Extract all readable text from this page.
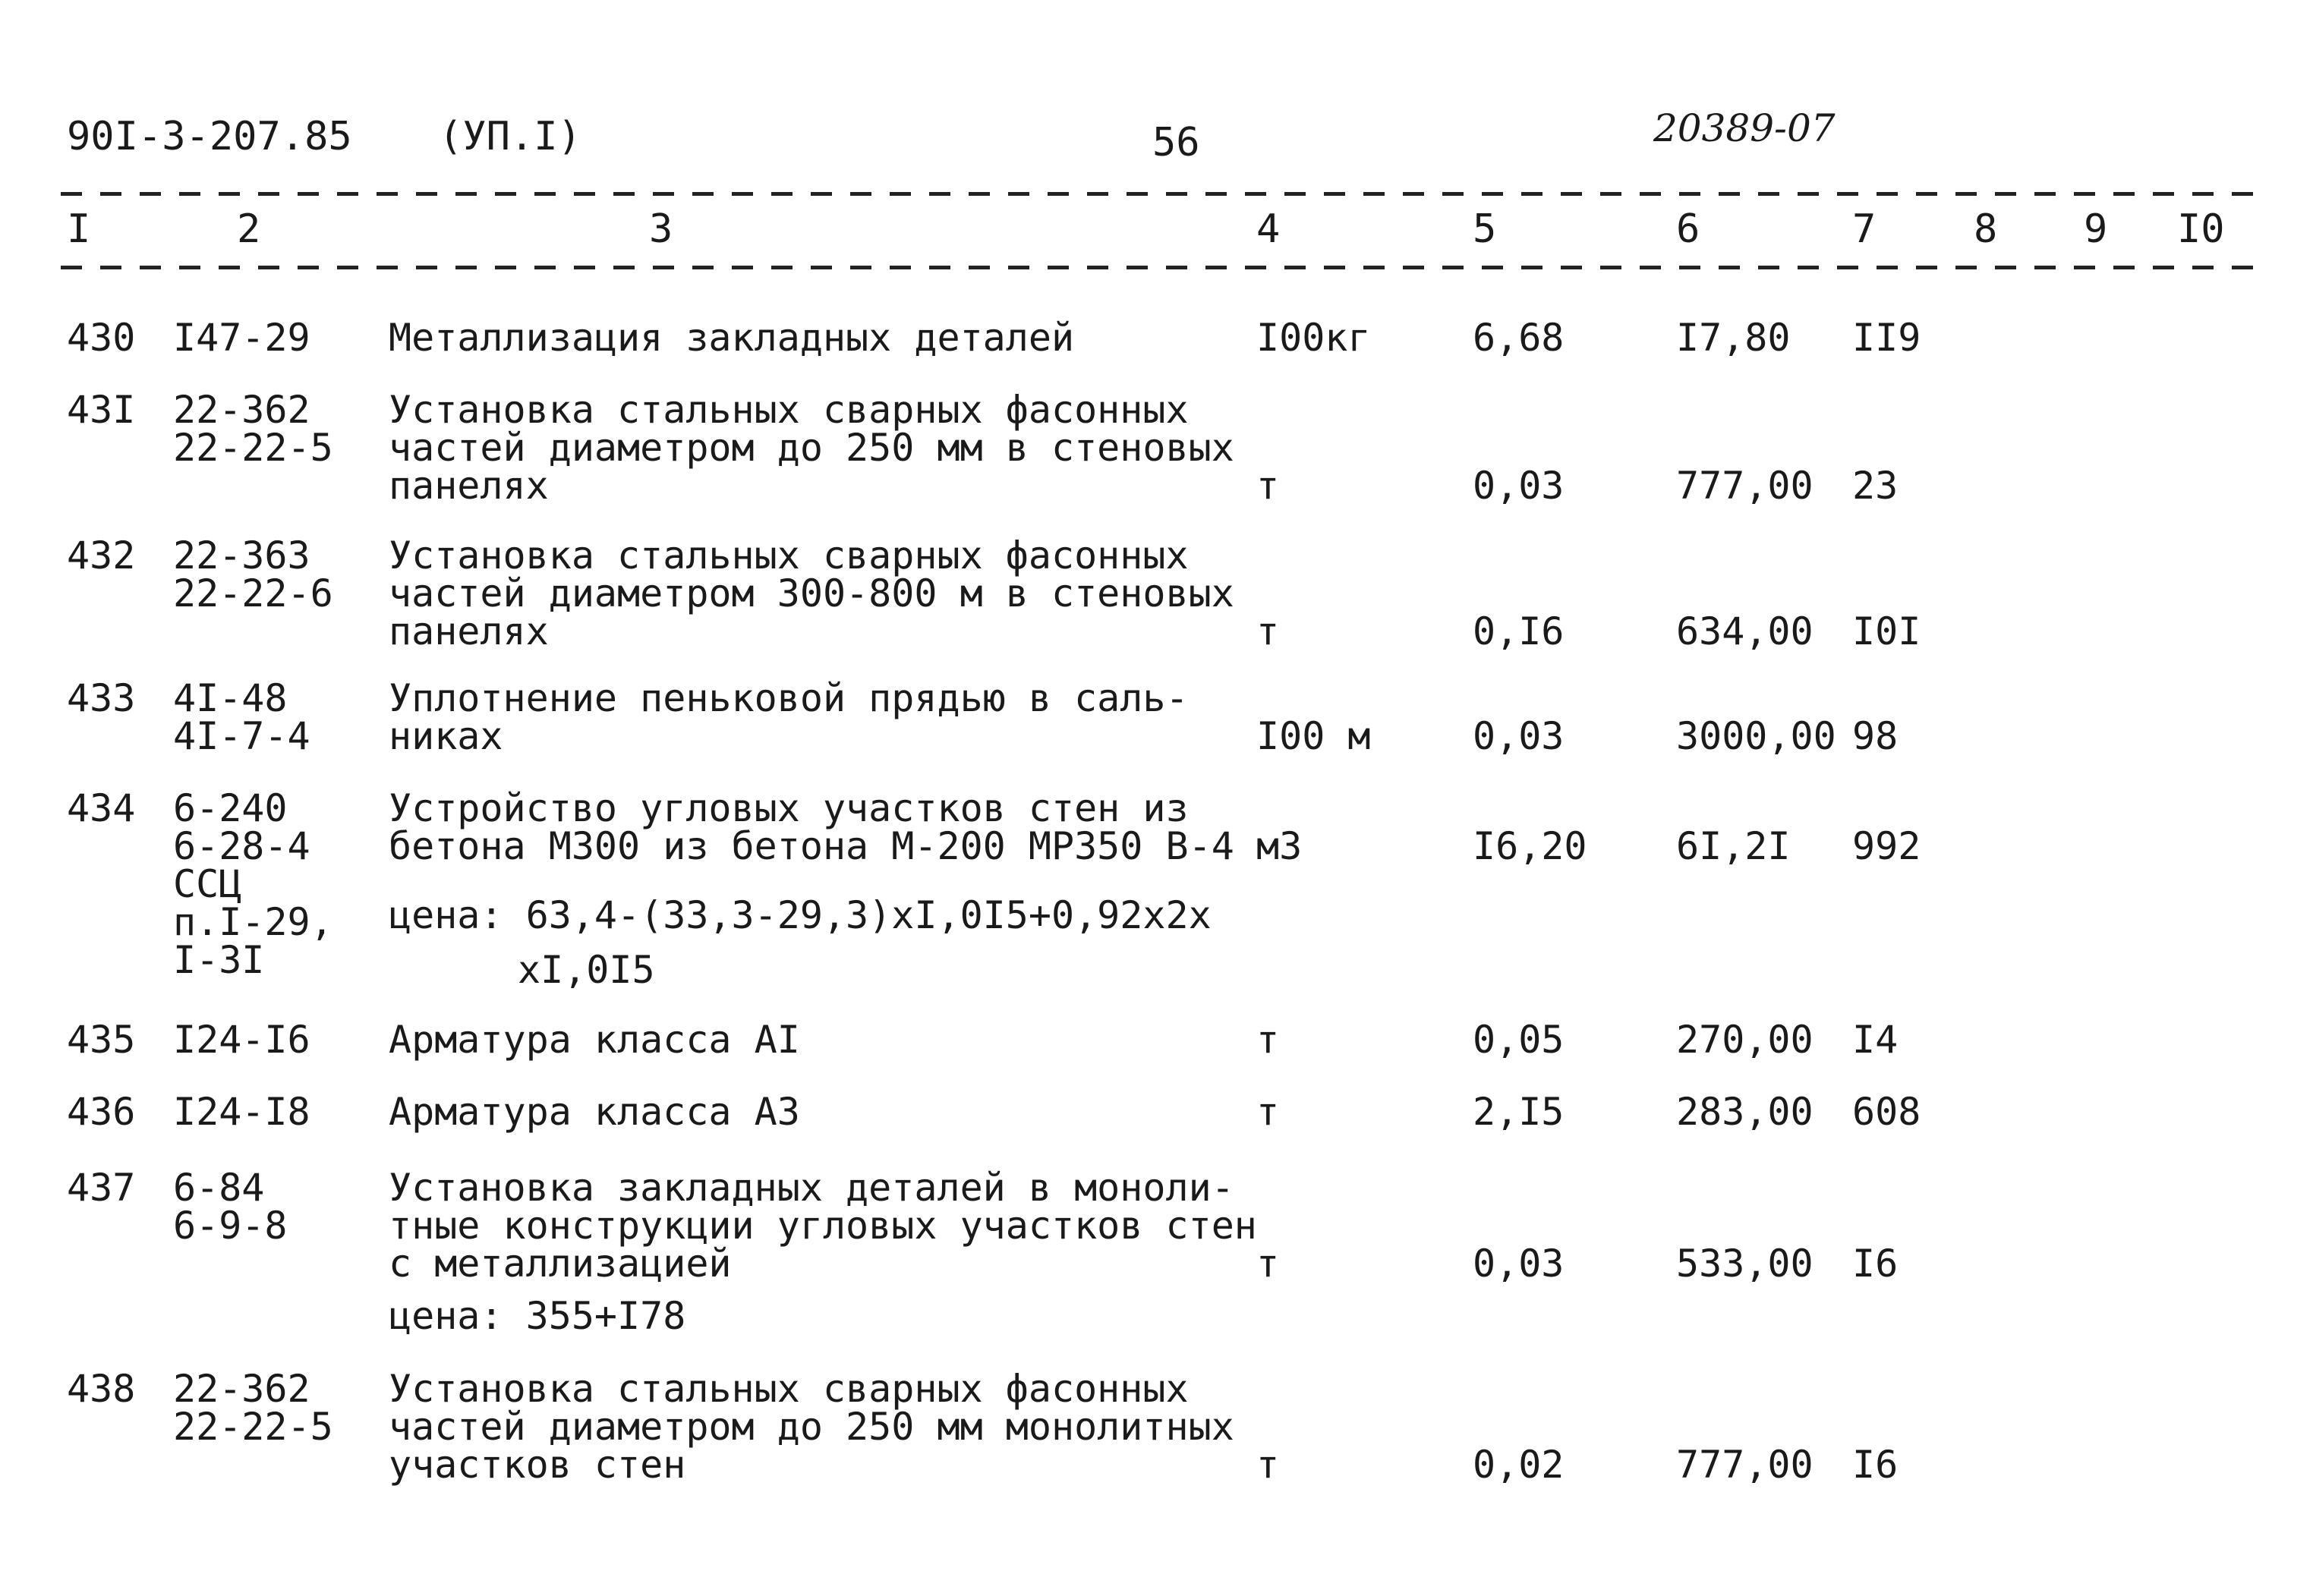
90I-3-207.85 (УП.I)	56	20389-07
I	2	3	4	5	6	7 8 9 I0
430 I47-29 Металлизация закладных деталей	I00кг	6,68	I7,80 II9
43I 22-362
22-22-5
Установка стальных сварных фасонных
частей диаметром до 250 мм в стеновых
панелях	т	0,03	777,00 23
432 22-363
22-22-6
Установка стальных сварных фасонных
частей диаметром 300-800 м в стеновых
панелях	т	0,I6	634,00 I0I
433 4I-48
4I-7-4
Уплотнение пеньковой прядью в саль-
никах	I00 м	0,03	3000,00 98
434 6-240
6-28-4
ССЦ
п.I-29,
I-3I
Устройство угловых участков стен из
бетона М300 из бетона М-200 МР350 В-4 м3	I6,20 6I,2I 992
цена: 63,4-(33,3-29,3)хI,0I5+0,92х2х
хI,0I5
435 I24-I6 Арматура класса АI	т	0,05	270,00 I4
436 I24-I8 Арматура класса А3	т	2,I5	283,00 608
437 6-84
6-9-8
Установка закладных деталей в моноли-
тные конструкции угловых участков стен
с металлизацией	т	0,03	533,00 I6
цена: 355+I78
438 22-362
22-22-5
Установка стальных сварных фасонных
частей диаметром до 250 мм монолитных
участков стен	т	0,02	777,00 I6
